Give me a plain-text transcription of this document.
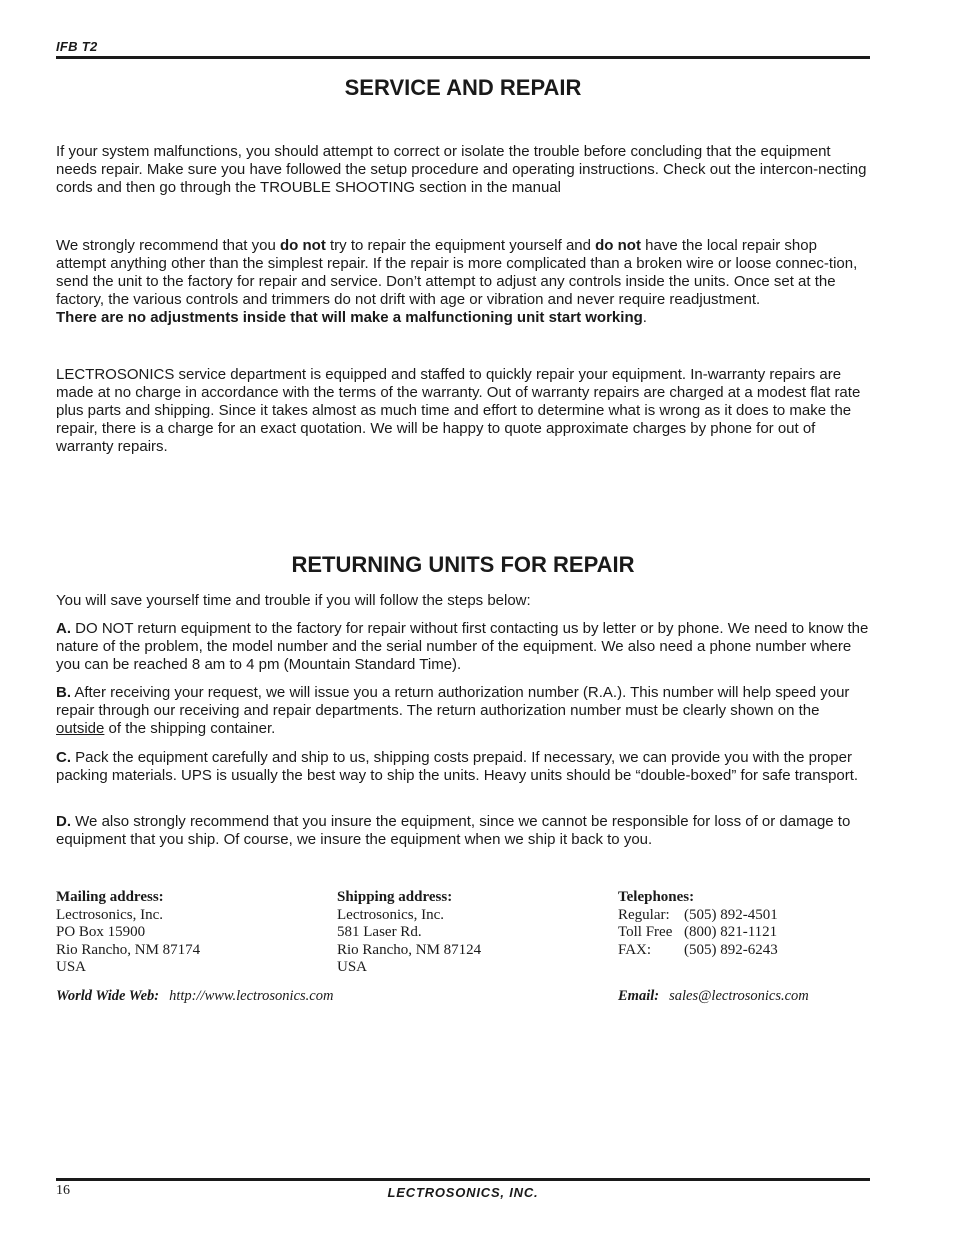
IFB T2
SERVICE AND REPAIR
If your system malfunctions, you should attempt to correct or isolate the trouble before concluding that the equipment needs repair. Make sure you have followed the setup procedure and operating instructions. Check out the intercon-necting cords and then go through the TROUBLE SHOOTING section in the manual
We strongly recommend that you do not try to repair the equipment yourself and do not have the local repair shop attempt anything other than the simplest repair. If the repair is more complicated than a broken wire or loose connec-tion, send the unit to the factory for repair and service. Don’t attempt to adjust any controls inside the units. Once set at the factory, the various controls and trimmers do not drift with age or vibration and never require readjustment.
There are no adjustments inside that will make a malfunctioning unit start working.
LECTROSONICS service department is equipped and staffed to quickly repair your equipment. In-warranty repairs are made at no charge in accordance with the terms of the warranty. Out of warranty repairs are charged at a modest flat rate plus parts and shipping. Since it takes almost as much time and effort to determine what is wrong as it does to make the repair, there is a charge for an exact quotation. We will be happy to quote approximate charges by phone for out of warranty repairs.
RETURNING UNITS FOR REPAIR
You will save yourself time and trouble if you will follow the steps below:
A. DO NOT return equipment to the factory for repair without first contacting us by letter or by phone. We need to know the nature of the problem, the model number and the serial number of the equipment. We also need a phone number where you can be reached 8 am to 4 pm (Mountain Standard Time).
B. After receiving your request, we will issue you a return authorization number (R.A.). This number will help speed your repair through our receiving and repair departments. The return authorization number must be clearly shown on the outside of the shipping container.
C. Pack the equipment carefully and ship to us, shipping costs prepaid. If necessary, we can provide you with the proper packing materials. UPS is usually the best way to ship the units. Heavy units should be “double-boxed” for safe transport.
D. We also strongly recommend that you insure the equipment, since we cannot be responsible for loss of or damage to equipment that you ship. Of course, we insure the equipment when we ship it back to you.
Mailing address:
Lectrosonics, Inc.
PO Box 15900
Rio Rancho, NM 87174
USA
Shipping address:
Lectrosonics, Inc.
581 Laser Rd.
Rio Rancho, NM 87124
USA
Telephones:
Regular: (505) 892-4501
Toll Free (800) 821-1121
FAX:	(505) 892-6243
World Wide Web: http://www.lectrosonics.com	Email: sales@lectrosonics.com
16	LECTROSONICS, INC.
